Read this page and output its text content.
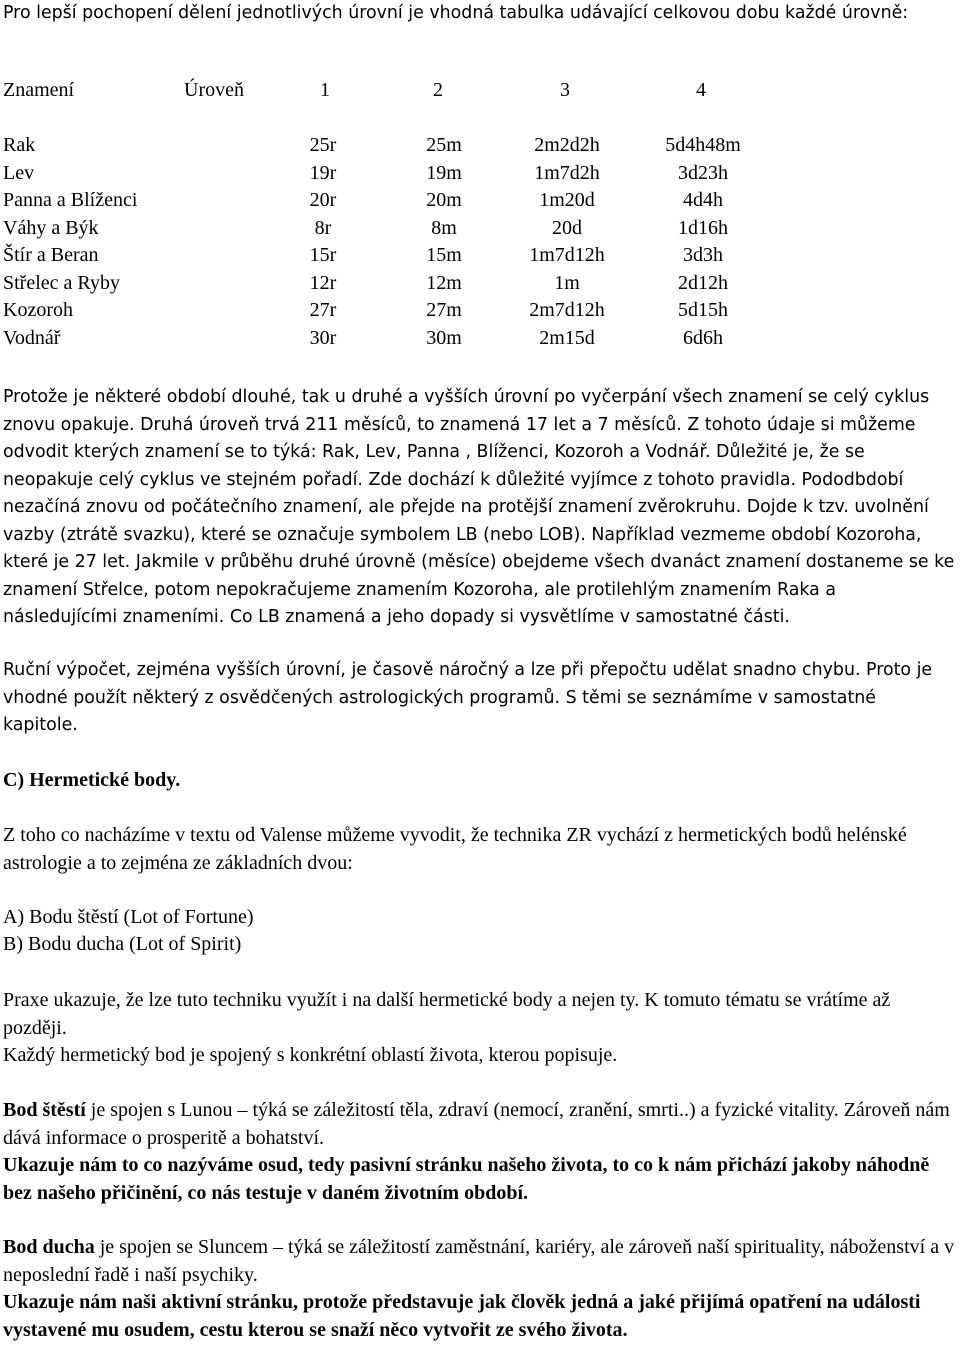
Pro lepší pochopení dělení jednotlivých úrovní je vhodná tabulka udávající celkovou dobu každé úrovně:

Znamení	Úroveň	1	2	3	4
Rak	25r	25m	2m2d2h	5d4h48m
Lev	19r	19m	1m7d2h	3d23h
Panna a Blíženci	20r	20m	1m20d	4d4h
Váhy a Býk	8r	8m	20d	1d16h
Štír a Beran	15r	15m	1m7d12h	3d3h
Střelec a Ryby	12r	12m	1m	2d12h
Kozoroh	27r	27m	2m7d12h	5d15h
Vodnář	30r	30m	2m15d	6d6h

Protože je některé období dlouhé, tak u druhé a vyšších úrovní po vyčerpání všech znamení se celý cyklus znovu opakuje. Druhá úroveň trvá 211 měsíců, to znamená 17 let a 7 měsíců. Z tohoto údaje si můžeme odvodit kterých znamení se to týká: Rak, Lev, Panna , Blíženci, Kozoroh a Vodnář. Důležité je, že se neopakuje celý cyklus ve stejném pořadí. Zde dochází k důležité vyjímce z tohoto pravidla. Pododbdobí nezačíná znovu od počátečního znamení, ale přejde na protější znamení zvěrokruhu. Dojde k tzv. uvolnění vazby (ztrátě svazku), které se označuje symbolem LB (nebo LOB). Například vezmeme období Kozoroha, které je 27 let. Jakmile v průběhu druhé úrovně (měsíce) obejdeme všech dvanáct znamení dostaneme se ke znamení Střelce, potom nepokračujeme znamením Kozoroha, ale protilehlým znamením Raka a následujícími znameními. Co LB znamená a jeho dopady si vysvětlíme v samostatné části.

Ruční výpočet, zejména vyšších úrovní, je časově náročný a lze při přepočtu udělat snadno chybu. Proto je vhodné použít některý z osvědčených astrologických programů. S těmi se seznámíme v samostatné kapitole.

C) Hermetické body.

Z toho co nacházíme v textu od Valense můžeme vyvodit, že technika ZR vychází z hermetických bodů helénské astrologie a to zejména ze základních dvou:

A) Bodu štěstí (Lot of Fortune)

B) Bodu ducha (Lot of Spirit)

Praxe ukazuje, že lze tuto techniku využít i na další hermetické body a nejen ty. K tomuto tématu se vrátíme až později.

Každý hermetický bod je spojený s konkrétní oblastí života, kterou popisuje.

Bod štěstí je spojen s Lunou – týká se záležitostí těla, zdraví (nemocí, zranění, smrti..) a fyzické vitality. Zároveň nám dává informace o prosperitě a bohatství.

Ukazuje nám to co nazýváme osud, tedy pasivní stránku našeho života, to co k nám přichází jakoby náhodně bez našeho přičinění, co nás testuje v daném životním období.

Bod ducha je spojen se Sluncem – týká se záležitostí zaměstnání, kariéry, ale zároveň naší spirituality, náboženství a v neposlední řadě i naší psychiky.

Ukazuje nám naši aktivní stránku, protože představuje jak člověk jedná a jaké přijímá opatření na události vystavené mu osudem, cestu kterou se snaží něco vytvořit ze svého života.
